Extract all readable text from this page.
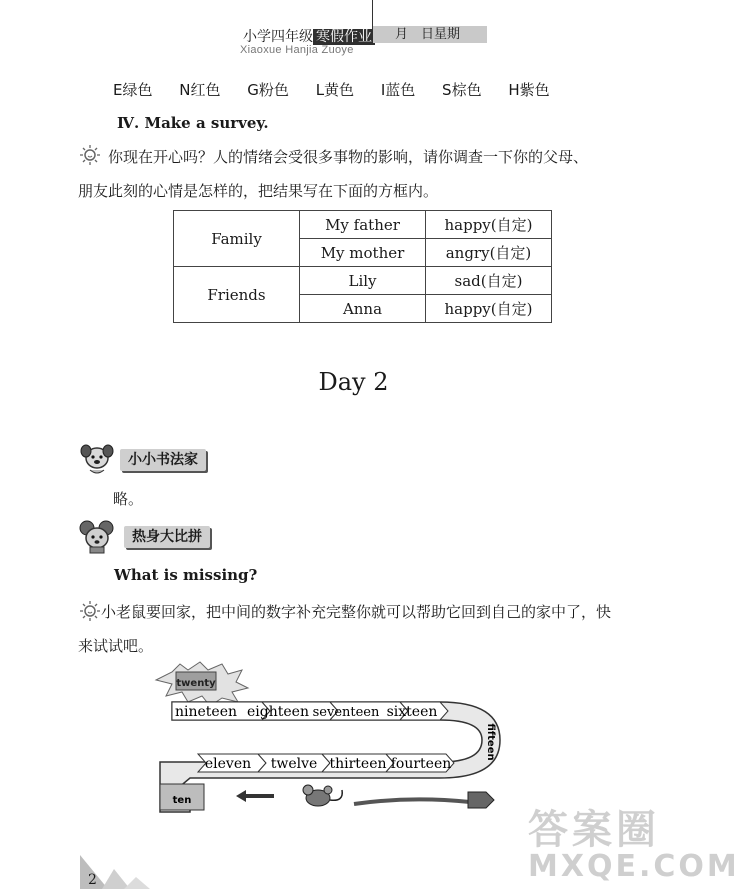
小学四年级 寒假作业	月　日星期
Xiaoxue Hanjia Zuoye
E绿色 N红色 G粉色 L黄色 I蓝色 S棕色 H紫色
Ⅳ. Make a survey.
你现在开心吗？人的情绪会受很多事物的影响，请你调查一下你的父母、
朋友此刻的心情是怎样的，把结果写在下面的方框内。
Family	My father	happy(自定)
	My mother	angry(自定)
Friends	Lily	sad(自定)
	Anna	happy(自定)
Day 2
小小书法家
略。
热身大比拼
What is missing?
小老鼠要回家，把中间的数字补充完整你就可以帮助它回到自己的家中了，快
来试试吧。
twenty
nineteen eighteen seventeen sixteen
fifteen
eleven twelve thirteen fourteen
ten
2
答案圈
MXQE.COM
